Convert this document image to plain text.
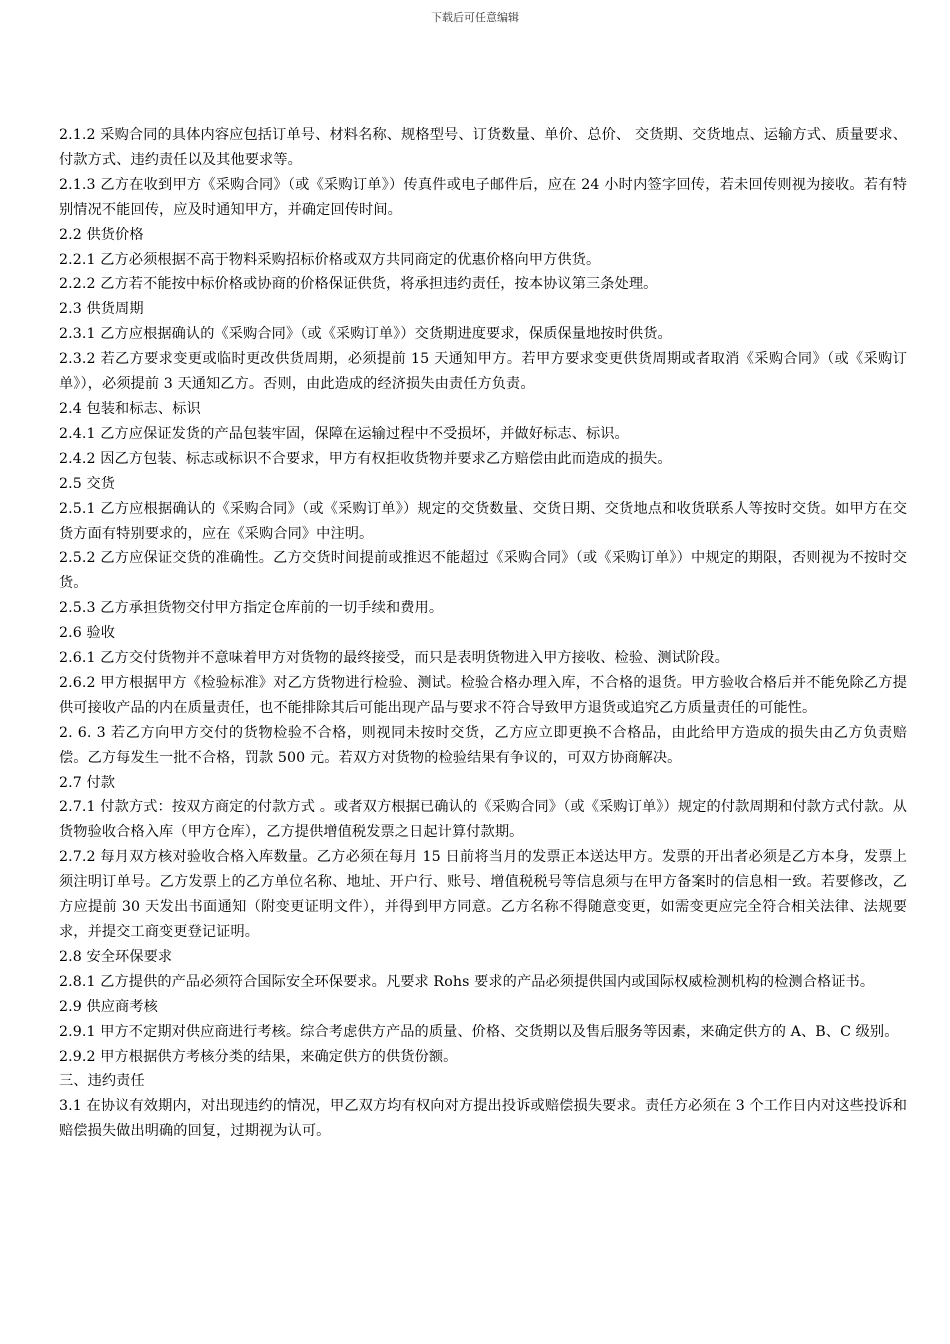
下载后可任意编辑

2.1.2 采购合同的具体内容应包括订单号、材料名称、规格型号、订货数量、单价、总价、 交货期、交货地点、运输方式、质量要求、付款方式、违约责任以及其他要求等。

2.1.3 乙方在收到甲方《采购合同》（或《采购订单》）传真件或电子邮件后，应在 24 小时内签字回传，若未回传则视为接收。若有特别情况不能回传，应及时通知甲方，并确定回传时间。

2.2 供货价格

2.2.1 乙方必须根据不高于物料采购招标价格或双方共同商定的优惠价格向甲方供货。

2.2.2 乙方若不能按中标价格或协商的价格保证供货，将承担违约责任，按本协议第三条处理。

2.3 供货周期

2.3.1 乙方应根据确认的《采购合同》（或《采购订单》）交货期进度要求，保质保量地按时供货。

2.3.2 若乙方要求变更或临时更改供货周期，必须提前 15 天通知甲方。若甲方要求变更供货周期或者取消《采购合同》（或《采购订单》），必须提前 3 天通知乙方。否则，由此造成的经济损失由责任方负责。

2.4 包装和标志、标识

2.4.1 乙方应保证发货的产品包装牢固，保障在运输过程中不受损坏，并做好标志、标识。

2.4.2 因乙方包装、标志或标识不合要求，甲方有权拒收货物并要求乙方赔偿由此而造成的损失。

2.5 交货

2.5.1 乙方应根据确认的《采购合同》（或《采购订单》）规定的交货数量、交货日期、交货地点和收货联系人等按时交货。如甲方在交货方面有特别要求的，应在《采购合同》中注明。

2.5.2 乙方应保证交货的准确性。乙方交货时间提前或推迟不能超过《采购合同》（或《采购订单》）中规定的期限，否则视为不按时交货。

2.5.3 乙方承担货物交付甲方指定仓库前的一切手续和费用。

2.6 验收

2.6.1 乙方交付货物并不意味着甲方对货物的最终接受，而只是表明货物进入甲方接收、检验、测试阶段。

2.6.2 甲方根据甲方《检验标准》对乙方货物进行检验、测试。检验合格办理入库，不合格的退货。甲方验收合格后并不能免除乙方提供可接收产品的内在质量责任，也不能排除其后可能出现产品与要求不符合导致甲方退货或追究乙方质量责任的可能性。

2. 6. 3 若乙方向甲方交付的货物检验不合格，则视同未按时交货，乙方应立即更换不合格品，由此给甲方造成的损失由乙方负责赔偿。乙方每发生一批不合格，罚款 500 元。若双方对货物的检验结果有争议的，可双方协商解决。

2.7 付款

2.7.1 付款方式：按双方商定的付款方式 。或者双方根据已确认的《采购合同》（或《采购订单》）规定的付款周期和付款方式付款。从货物验收合格入库（甲方仓库），乙方提供增值税发票之日起计算付款期。

2.7.2 每月双方核对验收合格入库数量。乙方必须在每月 15 日前将当月的发票正本送达甲方。发票的开出者必须是乙方本身，发票上须注明订单号。乙方发票上的乙方单位名称、地址、开户行、账号、增值税税号等信息须与在甲方备案时的信息相一致。若要修改，乙方应提前 30 天发出书面通知（附变更证明文件），并得到甲方同意。乙方名称不得随意变更，如需变更应完全符合相关法律、法规要求，并提交工商变更登记证明。

2.8 安全环保要求

2.8.1 乙方提供的产品必须符合国际安全环保要求。凡要求 Rohs 要求的产品必须提供国内或国际权威检测机构的检测合格证书。

2.9 供应商考核

2.9.1 甲方不定期对供应商进行考核。综合考虑供方产品的质量、价格、交货期以及售后服务等因素，来确定供方的 A、B、C 级别。

2.9.2 甲方根据供方考核分类的结果，来确定供方的供货份额。

三、违约责任

3.1 在协议有效期内，对出现违约的情况，甲乙双方均有权向对方提出投诉或赔偿损失要求。责任方必须在 3 个工作日内对这些投诉和赔偿损失做出明确的回复，过期视为认可。
